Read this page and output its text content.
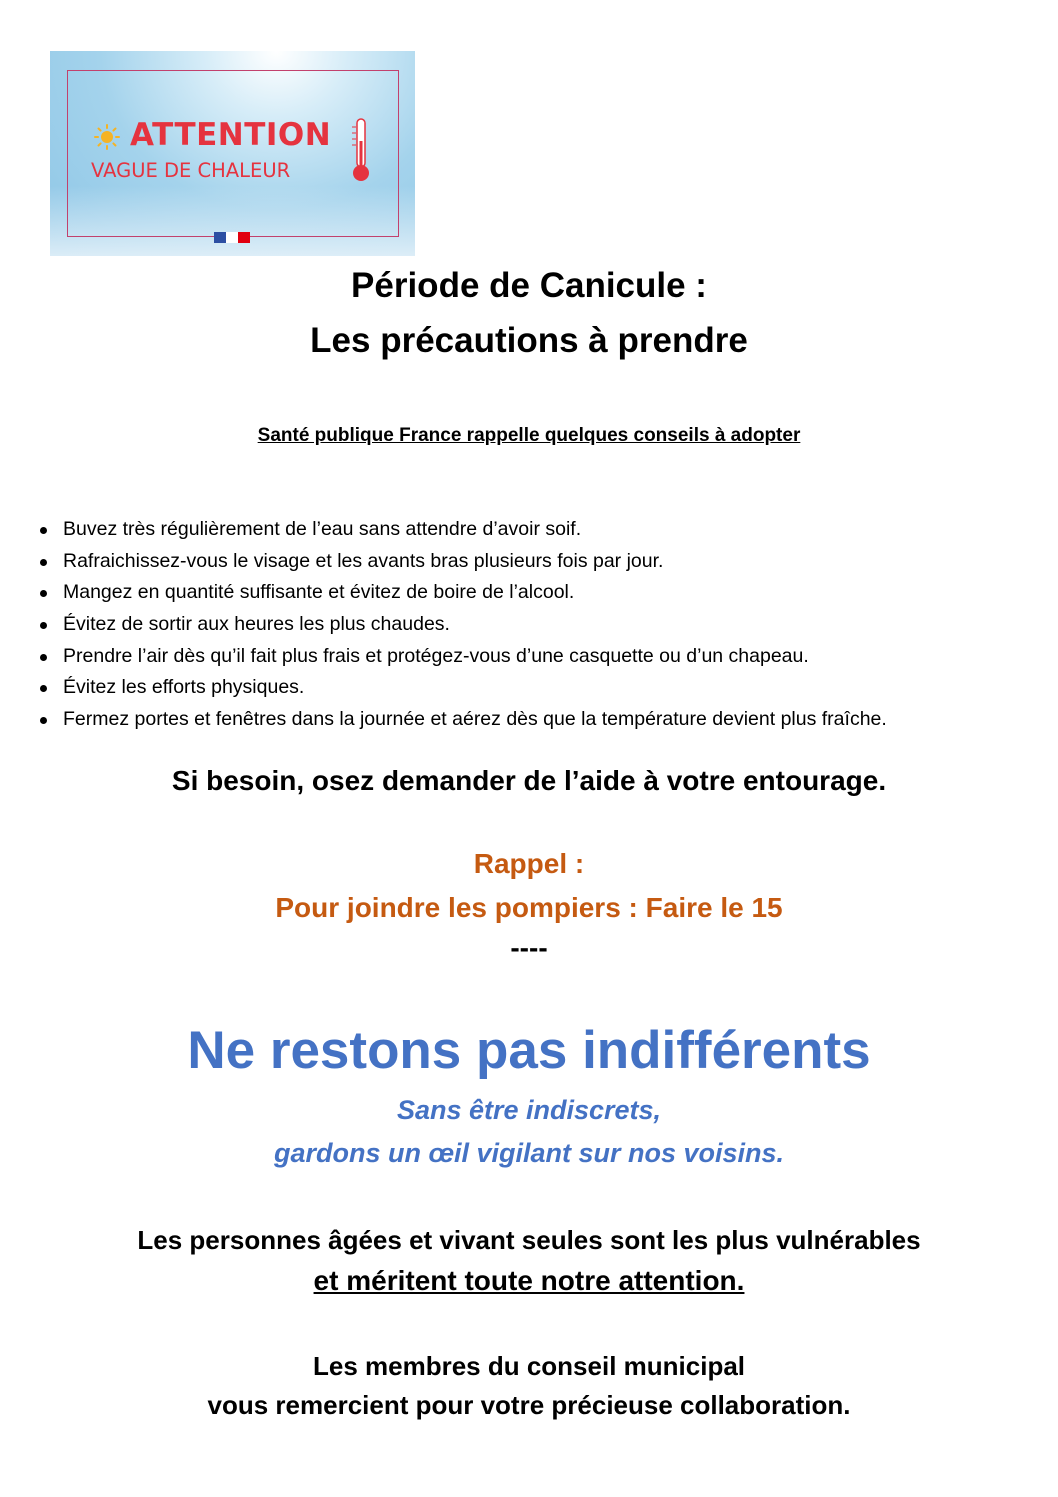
ATTENTION
VAGUE DE CHALEUR
Période de Canicule :
Les précautions à prendre
Santé publique France rappelle quelques conseils à adopter
Buvez très régulièrement de l’eau sans attendre d’avoir soif.
Rafraichissez-vous le visage et les avants bras plusieurs fois par jour.
Mangez en quantité suffisante et évitez de boire de l’alcool.
Évitez de sortir aux heures les plus chaudes.
Prendre l’air dès qu’il fait plus frais et protégez-vous d’une casquette ou d’un chapeau.
Évitez les efforts physiques.
Fermez portes et fenêtres dans la journée et aérez dès que la température devient plus fraîche.
Si besoin, osez demander de l’aide à votre entourage.
Rappel :
Pour joindre les pompiers : Faire le 15
----
Ne restons pas indifférents
Sans être indiscrets,
gardons un œil vigilant sur nos voisins.
Les personnes âgées et vivant seules sont les plus vulnérables
et méritent toute notre attention.
Les membres du conseil municipal
vous remercient pour votre précieuse collaboration.
